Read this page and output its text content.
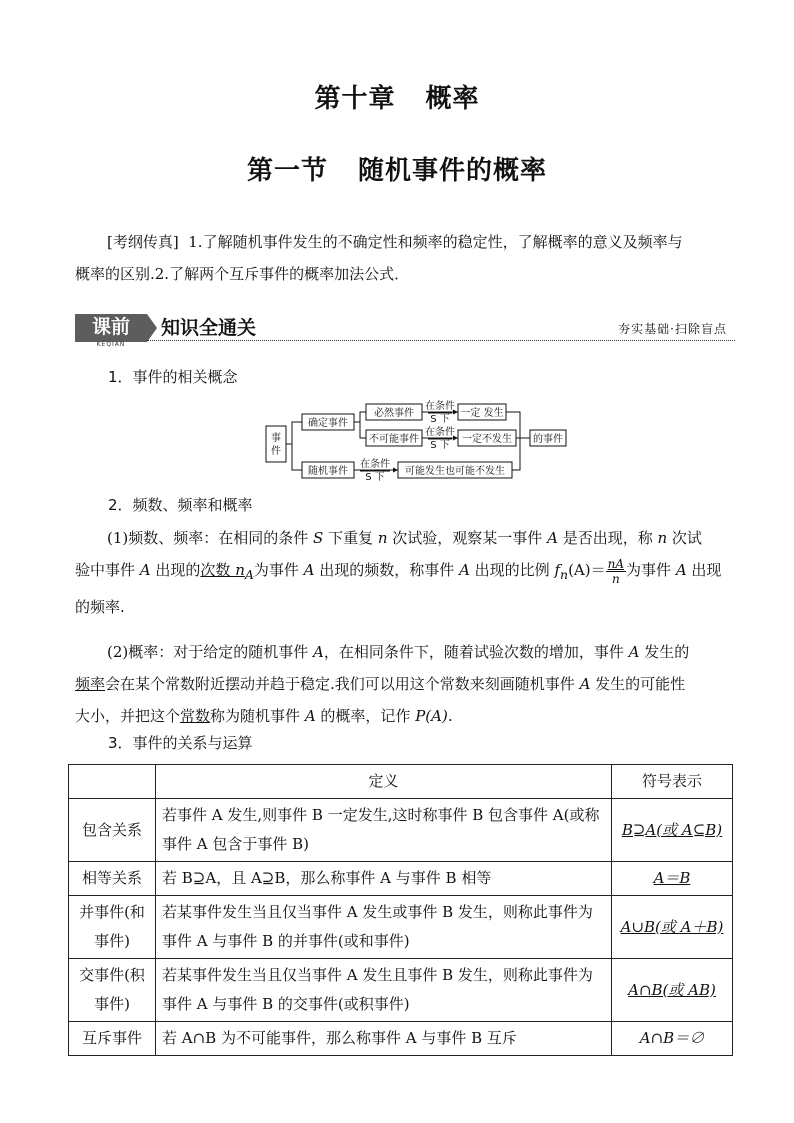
第十章 概率
第一节 随机事件的概率
[考纲传真] 1.了解随机事件发生的不确定性和频率的稳定性，了解概率的意义及频率与
概率的区别.2.了解两个互斥事件的概率加法公式．
课前
KEQIAN
知识全通关	夯实基础·扫除盲点
1．事件的相关概念
事
件
确定事件
随机事件
必然事件
不可能事件
在条件
S 下
在条件
S 下
在条件
S 下
一定 发生
一定不发生
可能发生也可能不发生
的事件
2．频数、频率和概率
(1)频数、频率：在相同的条件 S 下重复 n 次试验，观察某一事件 A 是否出现，称 n 次试
验中事件 A 出现的次数 $n_A$为事件 A 出现的频数，称事件 A 出现的比例 $f_n(A)= \frac{nA}{n}$ 为事件 A 出现
的频率.
(2)概率：对于给定的随机事件 A，在相同条件下，随着试验次数的增加，事件 A 发生的
频率会在某个常数附近摆动并趋于稳定.我们可以用这个常数来刻画随机事件 A 发生的可能性
大小，并把这个常数称为随机事件 A 的概率，记作 P(A).
3．事件的关系与运算
	定义	符号表示
包含关系	若事件 A 发生,则事件 B 一定发生,这时称事件 B 包含事件 A(或称事件 A 包含于事件 B)	B⊇A(或 A⊆B)
相等关系	若 B⊇A，且 A⊇B，那么称事件 A 与事件 B 相等	A＝B
并事件(和事件)	若某事件发生当且仅当事件 A 发生或事件 B 发生，则称此事件为事件 A 与事件 B 的并事件(或和事件)	A∪B(或 A＋B)
交事件(积事件)	若某事件发生当且仅当事件 A 发生且事件 B 发生，则称此事件为事件 A 与事件 B 的交事件(或积事件)	A∩B(或 AB)
互斥事件	若 A∩B 为不可能事件，那么称事件 A 与事件 B 互斥	A∩B＝∅
